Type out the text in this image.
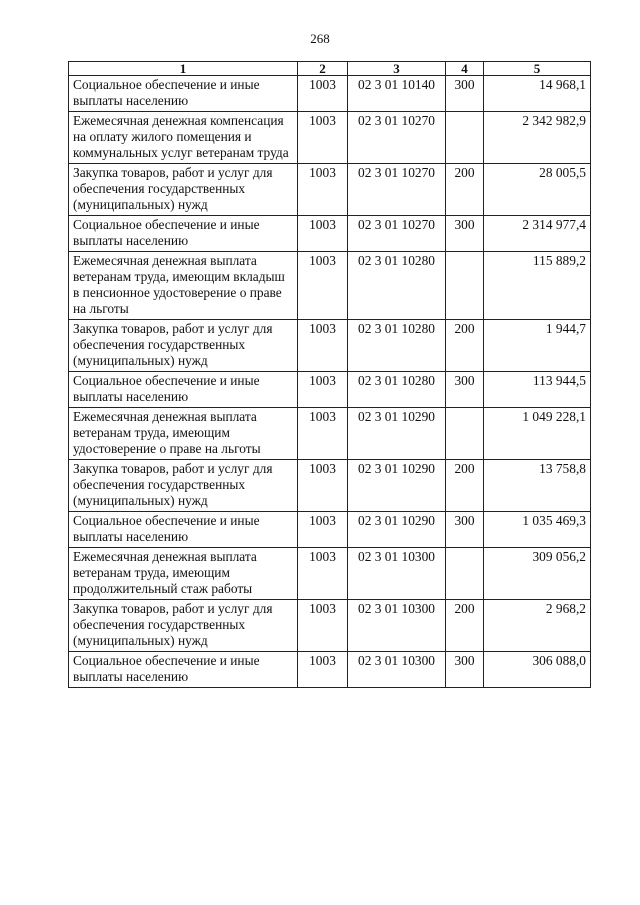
268
1	2	3	4	5
Социальное обеспечение и иные выплаты населению	1003	02 3 01 10140	300	14 968,1
Ежемесячная денежная компенсация на оплату жилого помещения и коммунальных услуг ветеранам труда	1003	02 3 01 10270		2 342 982,9
Закупка товаров, работ и услуг для обеспечения государственных (муниципальных) нужд	1003	02 3 01 10270	200	28 005,5
Социальное обеспечение и иные выплаты населению	1003	02 3 01 10270	300	2 314 977,4
Ежемесячная денежная выплата ветеранам труда, имеющим вкладыш в пенсионное удостоверение о праве на льготы	1003	02 3 01 10280		115 889,2
Закупка товаров, работ и услуг для обеспечения государственных (муниципальных) нужд	1003	02 3 01 10280	200	1 944,7
Социальное обеспечение и иные выплаты населению	1003	02 3 01 10280	300	113 944,5
Ежемесячная денежная выплата ветеранам труда, имеющим удостоверение о праве на льготы	1003	02 3 01 10290		1 049 228,1
Закупка товаров, работ и услуг для обеспечения государственных (муниципальных) нужд	1003	02 3 01 10290	200	13 758,8
Социальное обеспечение и иные выплаты населению	1003	02 3 01 10290	300	1 035 469,3
Ежемесячная денежная выплата ветеранам труда, имеющим продолжительный стаж работы	1003	02 3 01 10300		309 056,2
Закупка товаров, работ и услуг для обеспечения государственных (муниципальных) нужд	1003	02 3 01 10300	200	2 968,2
Социальное обеспечение и иные выплаты населению	1003	02 3 01 10300	300	306 088,0
